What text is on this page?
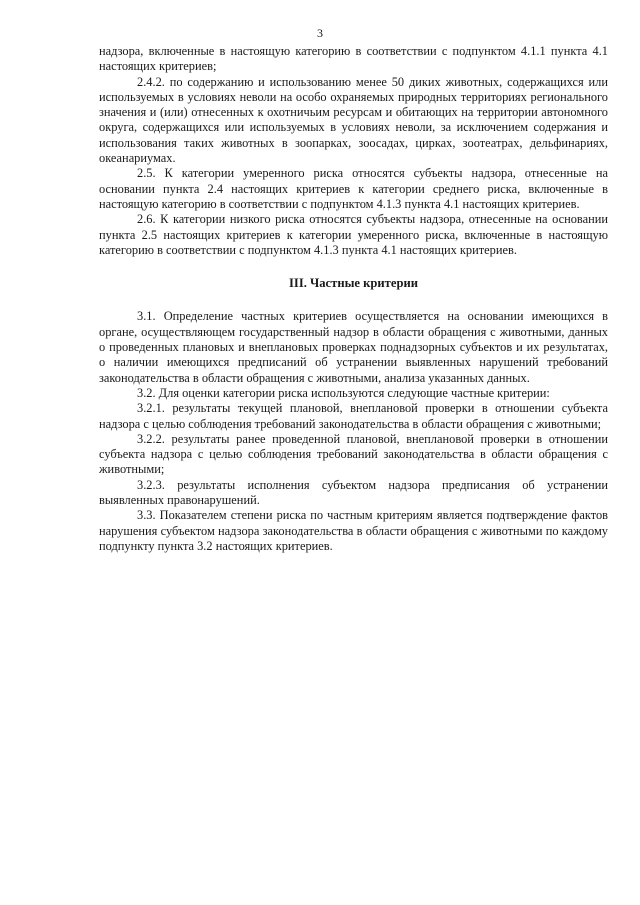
3

надзора, включенные в настоящую категорию в соответствии с подпунктом 4.1.1 пункта 4.1 настоящих критериев;

2.4.2. по содержанию и использованию менее 50 диких животных, содержащихся или используемых в условиях неволи на особо охраняемых природных территориях регионального значения и (или) отнесенных к охотничьим ресурсам и обитающих на территории автономного округа, содержащихся или используемых в условиях неволи, за исключением содержания и использования таких животных в зоопарках, зоосадах, цирках, зоотеатрах, дельфинариях, океанариумах.

2.5. К категории умеренного риска относятся субъекты надзора, отнесенные на основании пункта 2.4 настоящих критериев к категории среднего риска, включенные в настоящую категорию в соответствии с подпунктом 4.1.3 пункта 4.1 настоящих критериев.

2.6. К категории низкого риска относятся субъекты надзора, отнесенные на основании пункта 2.5 настоящих критериев к категории умеренного риска, включенные в настоящую категорию в соответствии с подпунктом 4.1.3 пункта 4.1 настоящих критериев.

III. Частные критерии

3.1. Определение частных критериев осуществляется на основании имеющихся в органе, осуществляющем государственный надзор в области обращения с животными, данных о проведенных плановых и внеплановых проверках поднадзорных субъектов и их результатах, о наличии имеющихся предписаний об устранении выявленных нарушений требований законодательства в области обращения с животными, анализа указанных данных.

3.2. Для оценки категории риска используются следующие частные критерии:

3.2.1. результаты текущей плановой, внеплановой проверки в отношении субъекта надзора с целью соблюдения требований законодательства в области обращения с животными;

3.2.2. результаты ранее проведенной плановой, внеплановой проверки в отношении субъекта надзора с целью соблюдения требований законодательства в области обращения с животными;

3.2.3. результаты исполнения субъектом надзора предписания об устранении выявленных правонарушений.

3.3. Показателем степени риска по частным критериям является подтверждение фактов нарушения субъектом надзора законодательства в области обращения с животными по каждому подпункту пункта 3.2 настоящих критериев.
